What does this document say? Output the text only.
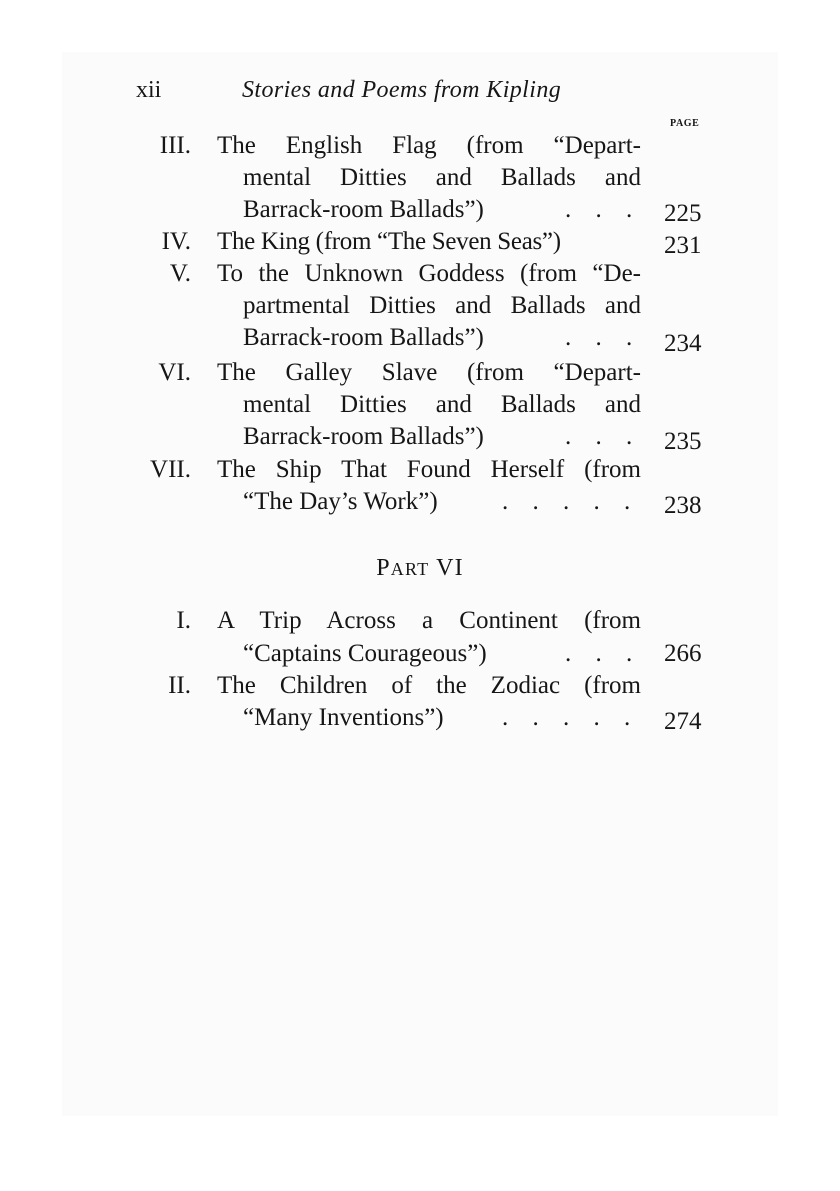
xii	Stories and Poems from Kipling
PAGE
III. The English Flag (from “Depart-
mental Ditties and Ballads and
Barrack-room Ballads”)	. . . 225
IV. The King (from “The Seven Seas”)	231
V. To the Unknown Goddess (from “De-
partmental Ditties and Ballads and
Barrack-room Ballads”)	. . . 234
VI. The Galley Slave (from “Depart-
mental Ditties and Ballads and
Barrack-room Ballads”)	. . . 235
VII. The Ship That Found Herself (from
“The Day’s Work”)	. . . . . 238
PART VI
I. A Trip Across a Continent (from
“Captains Courageous”)	. . . 266
II. The Children of the Zodiac (from
“Many Inventions”)	. . . . . 274
